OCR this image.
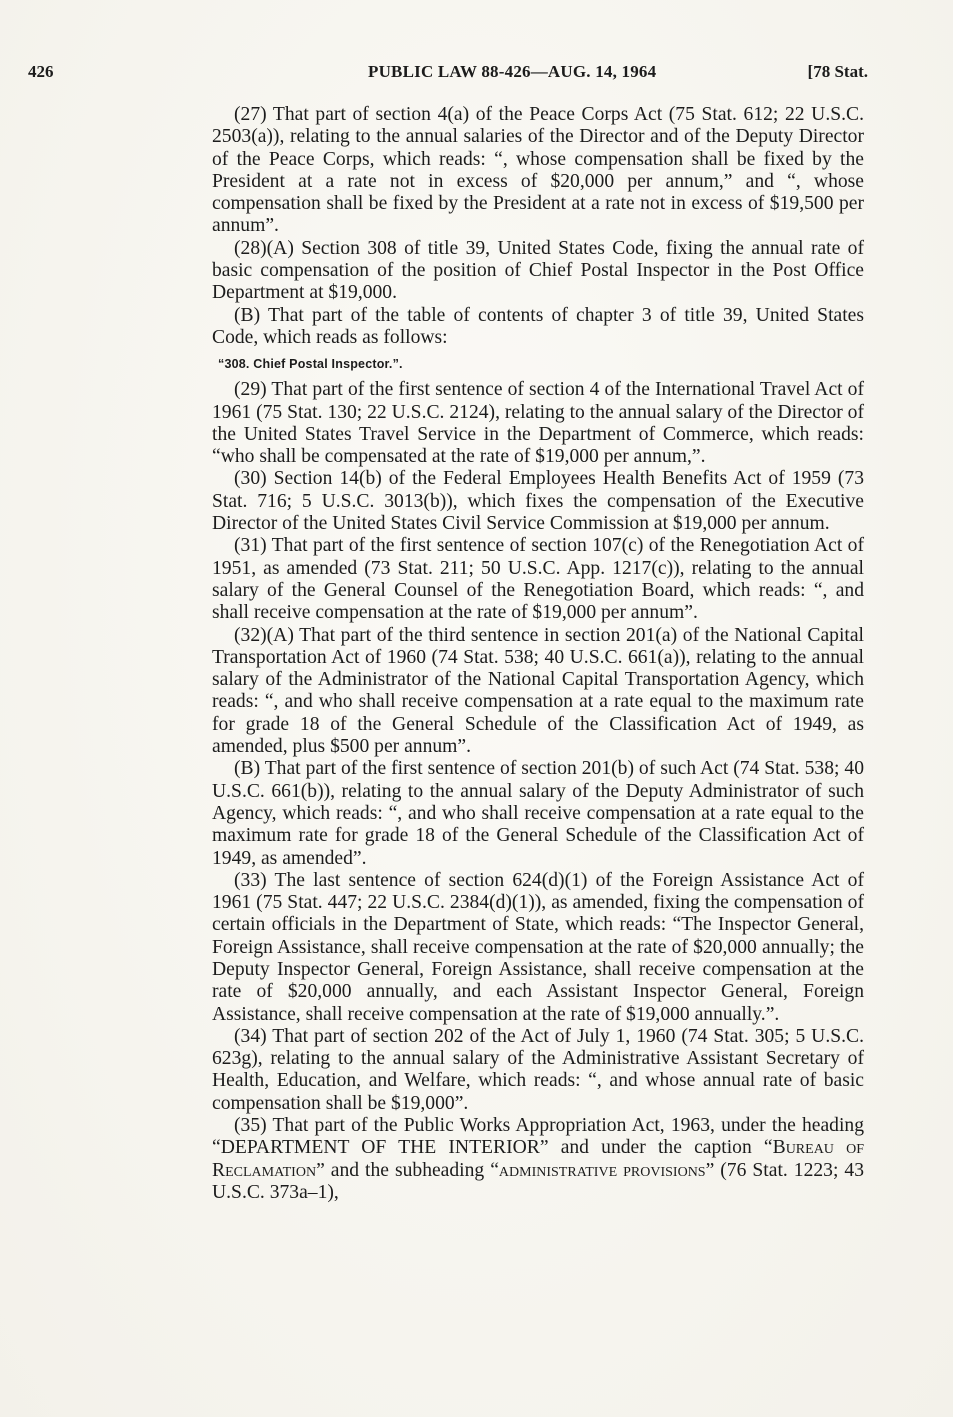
426	PUBLIC LAW 88-426—AUG. 14, 1964	[78 Stat.

(27) That part of section 4(a) of the Peace Corps Act (75 Stat. 612; 22 U.S.C. 2503(a)), relating to the annual salaries of the Director and of the Deputy Director of the Peace Corps, which reads: “, whose compensation shall be fixed by the President at a rate not in excess of $20,000 per annum,” and “, whose compensation shall be fixed by the President at a rate not in excess of $19,500 per annum”.

(28)(A) Section 308 of title 39, United States Code, fixing the annual rate of basic compensation of the position of Chief Postal Inspector in the Post Office Department at $19,000.

(B) That part of the table of contents of chapter 3 of title 39, United States Code, which reads as follows:

“308. Chief Postal Inspector.”.

(29) That part of the first sentence of section 4 of the International Travel Act of 1961 (75 Stat. 130; 22 U.S.C. 2124), relating to the annual salary of the Director of the United States Travel Service in the Department of Commerce, which reads: “who shall be compensated at the rate of $19,000 per annum,”.

(30) Section 14(b) of the Federal Employees Health Benefits Act of 1959 (73 Stat. 716; 5 U.S.C. 3013(b)), which fixes the compensation of the Executive Director of the United States Civil Service Commission at $19,000 per annum.

(31) That part of the first sentence of section 107(c) of the Renegotiation Act of 1951, as amended (73 Stat. 211; 50 U.S.C. App. 1217(c)), relating to the annual salary of the General Counsel of the Renegotiation Board, which reads: “, and shall receive compensation at the rate of $19,000 per annum”.

(32)(A) That part of the third sentence in section 201(a) of the National Capital Transportation Act of 1960 (74 Stat. 538; 40 U.S.C. 661(a)), relating to the annual salary of the Administrator of the National Capital Transportation Agency, which reads: “, and who shall receive compensation at a rate equal to the maximum rate for grade 18 of the General Schedule of the Classification Act of 1949, as amended, plus $500 per annum”.

(B) That part of the first sentence of section 201(b) of such Act (74 Stat. 538; 40 U.S.C. 661(b)), relating to the annual salary of the Deputy Administrator of such Agency, which reads: “, and who shall receive compensation at a rate equal to the maximum rate for grade 18 of the General Schedule of the Classification Act of 1949, as amended”.

(33) The last sentence of section 624(d)(1) of the Foreign Assistance Act of 1961 (75 Stat. 447; 22 U.S.C. 2384(d)(1)), as amended, fixing the compensation of certain officials in the Department of State, which reads: “The Inspector General, Foreign Assistance, shall receive compensation at the rate of $20,000 annually; the Deputy Inspector General, Foreign Assistance, shall receive compensation at the rate of $20,000 annually, and each Assistant Inspector General, Foreign Assistance, shall receive compensation at the rate of $19,000 annually.”.

(34) That part of section 202 of the Act of July 1, 1960 (74 Stat. 305; 5 U.S.C. 623g), relating to the annual salary of the Administrative Assistant Secretary of Health, Education, and Welfare, which reads: “, and whose annual rate of basic compensation shall be $19,000”.

(35) That part of the Public Works Appropriation Act, 1963, under the heading “DEPARTMENT OF THE INTERIOR” and under the caption “Bureau of Reclamation” and the subheading “administrative provisions” (76 Stat. 1223; 43 U.S.C. 373a–1),
